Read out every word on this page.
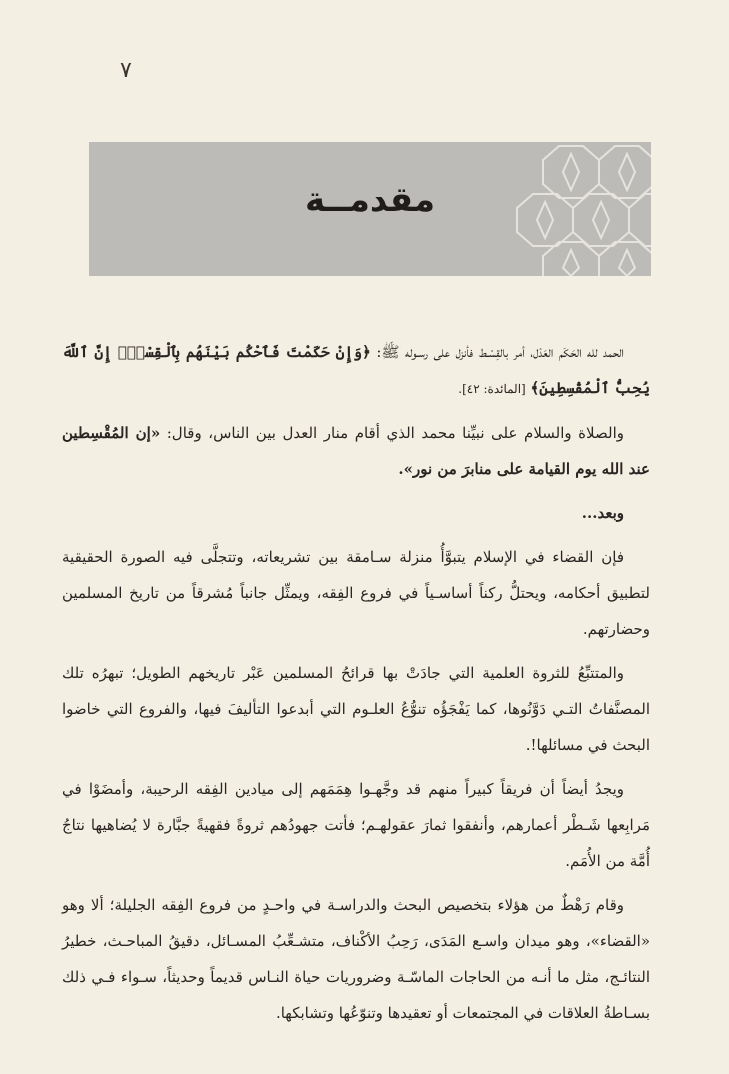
٧
مقدمــة

الحمد لله الحَكَم العَدْل، أمر بالقِسْـط فأنزل على رسـوله ﷺ: ﴿وَإِنْ حَكَمْتَ فَٱحْكُم بَيْنَهُم بِٱلْقِسْطِۚ إِنَّ ٱللَّهَ يُحِبُّ ٱلْمُقْسِطِينَ﴾ [المائدة: ٤٢].

والصلاة والسلام على نبيِّنا محمد الذي أقام منار العدل بين الناس، وقال: «إن المُقْسِطين عند الله يوم القيامة على منابرَ من نور».

وبعد...

فإن القضاء في الإسلام يتبوَّأُ منزلة سـامقة بين تشريعاته، وتتجلَّى فيه الصورة الحقيقية لتطبيق أحكامه، ويحتلُّ ركناً أساسـياً في فروع الفِقه، ويمثِّل جانباً مُشرقاً من تاريخ المسلمين وحضارتهم.

والمتتبِّعُ للثروة العلمية التي جادَتْ بها قرائحُ المسلمين عَبْر تاريخهم الطويل؛ تبهرُه تلك المصنَّفاتُ التـي دَوَّنُوها، كما يَفْجَؤُه تنوُّعُ العلـوم التي أبدعوا التأليفَ فيها، والفروع التي خاضوا البحث في مسائلها!.

ويجدُ أيضاً أن فريقاً كبيراً منهم قد وجَّهـوا هِمَمَهم إلى ميادين الفِقه الرحيبة، وأمضَوْا في مَرابِعها شَـطْر أعمارهم، وأنفقوا ثمارَ عقولهـم؛ فأتت جهودُهم ثروةً فقهيةً جبَّارة لا يُضاهيها نتاجُ أُمَّة من الأُمَم.

وقام رَهْطٌ من هؤلاء بتخصيص البحث والدراسـة في واحـدٍ من فروع الفِقه الجليلة؛ ألا وهو «القضاء»، وهو ميدان واسـع المَدَى، رَحِبُ الأكْناف، متشـعِّبُ المسـائل، دقيقُ المباحـث، خطيرُ النتائـج، مثل ما أنـه من الحاجات الماسّـة وضروريات حياة النـاس قديماً وحديثاً، سـواء فـي ذلك بسـاطةُ العلاقات في المجتمعات أو تعقيدها وتنوّعُها وتشابكها.
